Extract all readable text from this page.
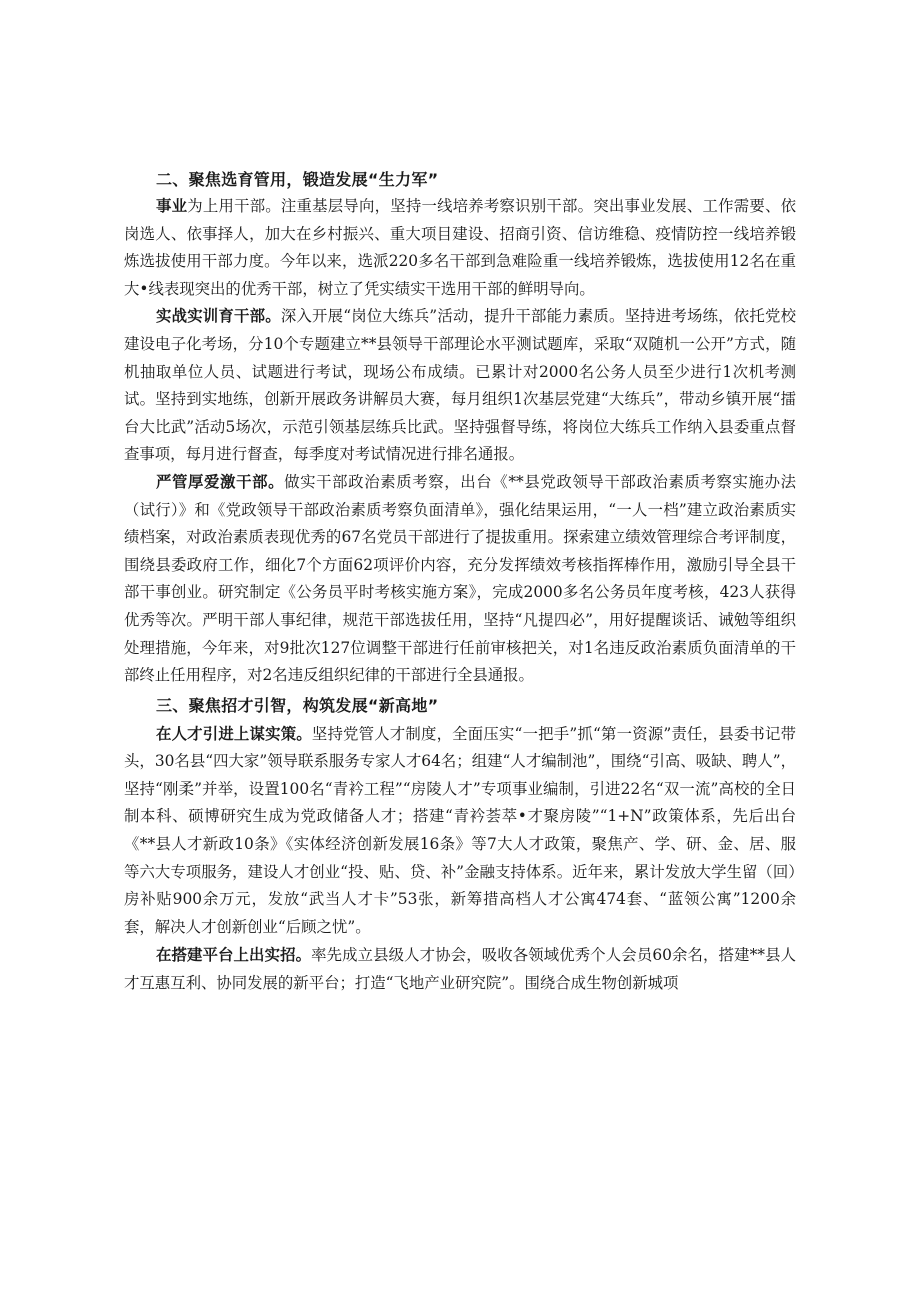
二、聚焦选育管用，锻造发展“生力军”

事业为上用干部。注重基层导向，坚持一线培养考察识别干部。突出事业发展、工作需要、依岗选人、依事择人，加大在乡村振兴、重大项目建设、招商引资、信访维稳、疫情防控一线培养锻炼选拔使用干部力度。今年以来，选派220多名干部到急难险重一线培养锻炼，选拔使用12名在重大•线表现突出的优秀干部，树立了凭实绩实干选用干部的鲜明导向。

实战实训育干部。深入开展“岗位大练兵”活动，提升干部能力素质。坚持进考场练，依托党校建设电子化考场，分10个专题建立**县领导干部理论水平测试题库，采取“双随机一公开”方式，随机抽取单位人员、试题进行考试，现场公布成绩。已累计对2000名公务人员至少进行1次机考测试。坚持到实地练，创新开展政务讲解员大赛，每月组织1次基层党建“大练兵”，带动乡镇开展“擂台大比武”活动5场次，示范引领基层练兵比武。坚持强督导练，将岗位大练兵工作纳入县委重点督查事项，每月进行督查，每季度对考试情况进行排名通报。

严管厚爱激干部。做实干部政治素质考察，出台《**县党政领导干部政治素质考察实施办法（试行）》和《党政领导干部政治素质考察负面清单》，强化结果运用，“一人一档”建立政治素质实绩档案，对政治素质表现优秀的67名党员干部进行了提拔重用。探索建立绩效管理综合考评制度，围绕县委政府工作，细化7个方面62项评价内容，充分发挥绩效考核指挥棒作用，激励引导全县干部干事创业。研究制定《公务员平时考核实施方案》，完成2000多名公务员年度考核，423人获得优秀等次。严明干部人事纪律，规范干部选拔任用，坚持“凡提四必”，用好提醒谈话、诫勉等组织处理措施，今年来，对9批次127位调整干部进行任前审核把关，对1名违反政治素质负面清单的干部终止任用程序，对2名违反组织纪律的干部进行全县通报。

三、聚焦招才引智，构筑发展“新高地”

在人才引进上谋实策。坚持党管人才制度，全面压实“一把手”抓“第一资源”责任，县委书记带头，30名县“四大家”领导联系服务专家人才64名；组建“人才编制池”，围绕“引高、吸缺、聘人”，坚持“刚柔”并举，设置100名“青衿工程”“房陵人才”专项事业编制，引进22名“双一流”高校的全日制本科、硕博研究生成为党政储备人才；搭建“青衿荟萃•才聚房陵”“1+N”政策体系，先后出台《**县人才新政10条》《实体经济创新发展16条》等7大人才政策，聚焦产、学、研、金、居、服等六大专项服务，建设人才创业“投、贴、贷、补”金融支持体系。近年来，累计发放大学生留（回）房补贴900余万元，发放“武当人才卡”53张，新筹措高档人才公寓474套、“蓝领公寓”1200余套，解决人才创新创业“后顾之忧”。

在搭建平台上出实招。率先成立县级人才协会，吸收各领域优秀个人会员60余名，搭建**县人才互惠互利、协同发展的新平台；打造“飞地产业研究院”。围绕合成生物创新城项
